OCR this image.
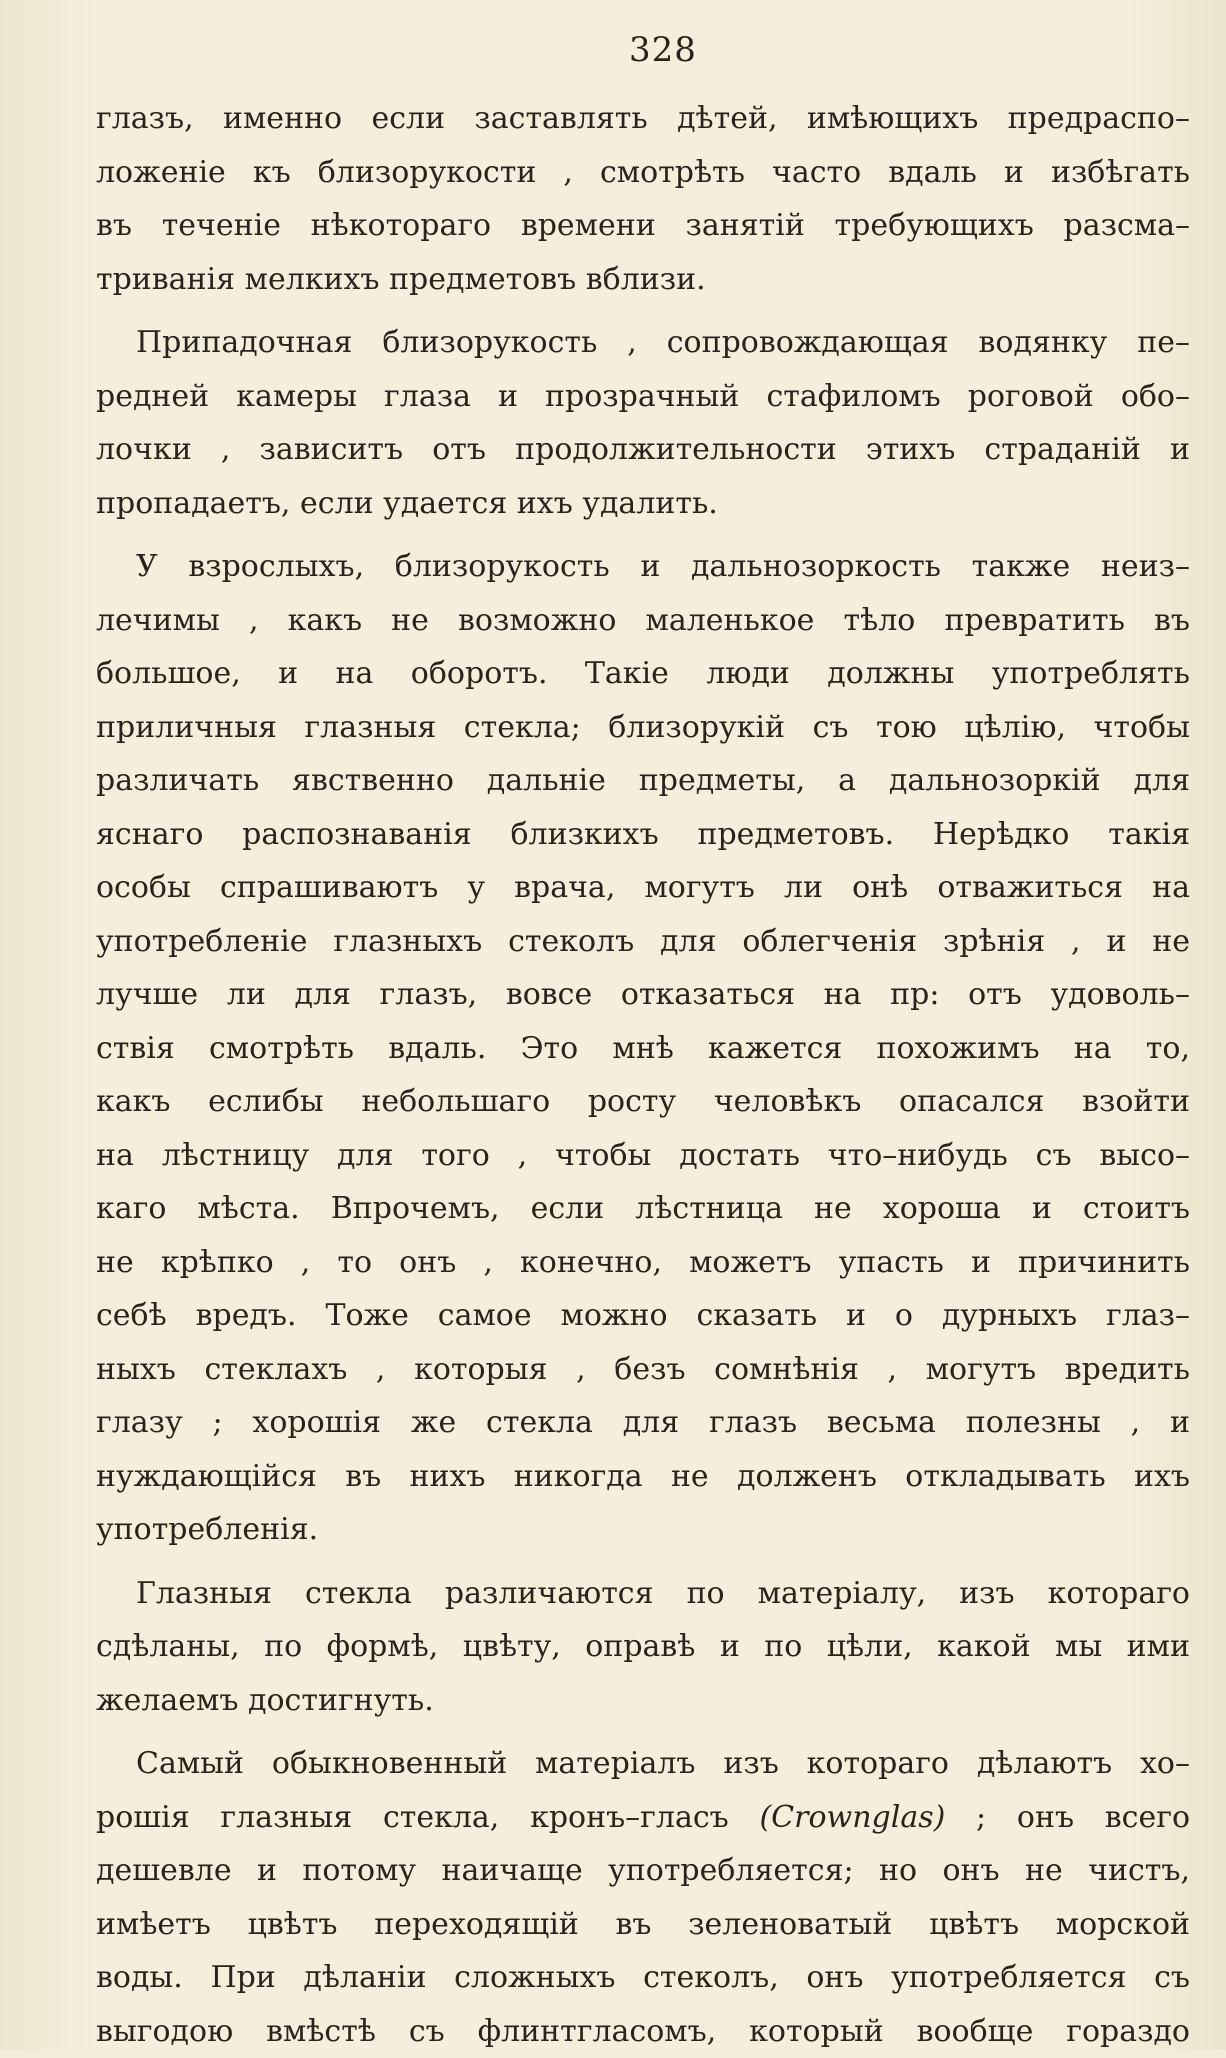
328
глазъ, именно если заставлять дѣтей, имѣющихъ предраспо–
ложеніе къ близорукости , смотрѣть часто вдаль и избѣгать
въ теченіе нѣкотораго времени занятій требующихъ разсма–
триванія мелкихъ предметовъ вблизи.
Припадочная близорукость , сопровождающая водянку пе–
редней камеры глаза и прозрачный стафиломъ роговой обо–
лочки , зависитъ отъ продолжительности этихъ страданій и
пропадаетъ, если удается ихъ удалить.
У взрослыхъ, близорукость и дальнозоркость также неиз–
лечимы , какъ не возможно маленькое тѣло превратить въ
большое, и на оборотъ. Такіе люди должны употреблять
приличныя глазныя стекла; близорукій съ тою цѣлію, чтобы
различать явственно дальніе предметы, а дальнозоркій для
яснаго распознаванія близкихъ предметовъ. Нерѣдко такія
особы спрашиваютъ у врача, могутъ ли онѣ отважиться на
употребленіе глазныхъ стеколъ для облегченія зрѣнія , и не
лучше ли для глазъ, вовсе отказаться на пр: отъ удоволь–
ствія смотрѣть вдаль. Это мнѣ кажется похожимъ на то,
какъ еслибы небольшаго росту человѣкъ опасался взойти
на лѣстницу для того , чтобы достать что–нибудь съ высо–
каго мѣста. Впрочемъ, если лѣстница не хороша и стоитъ
не крѣпко , то онъ , конечно, можетъ упасть и причинить
себѣ вредъ. Тоже самое можно сказать и о дурныхъ глаз–
ныхъ стеклахъ , которыя , безъ сомнѣнія , могутъ вредить
глазу ; хорошія же стекла для глазъ весьма полезны , и
нуждающійся въ нихъ никогда не долженъ откладывать ихъ
употребленія.
Глазныя стекла различаются по матеріалу, изъ котораго
сдѣланы, по формѣ, цвѣту, оправѣ и по цѣли, какой мы ими
желаемъ достигнуть.
Самый обыкновенный матеріалъ изъ котораго дѣлаютъ хо–
рошія глазныя стекла, кронъ–гласъ (Crownglas) ; онъ всего
дешевле и потому наичаще употребляется; но онъ не чистъ,
имѣетъ цвѣтъ переходящій въ зеленоватый цвѣтъ морской
воды. При дѣланіи сложныхъ стеколъ, онъ употребляется съ
выгодою вмѣстѣ съ флинтгласомъ, который вообще гораздо
